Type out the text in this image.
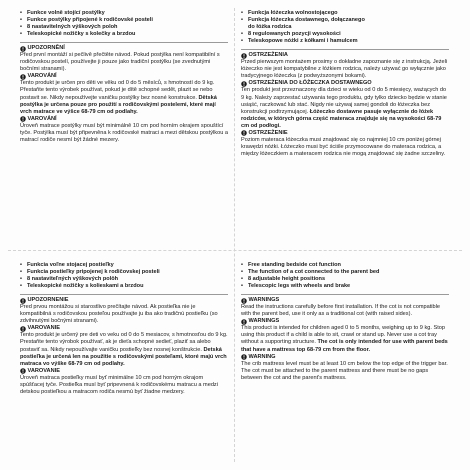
• Funkce volně stojící postýlky
• Funkce postýlky připojené k rodičovské posteli
• 8 nastavitelných výškových poloh
• Teleskopické nožičky s kolečky a brzdou
UPOZORNĚNÍ

Před první montáží si pečlivě přečtěte návod. Pokud postýlka není kompatibilní s rodičovskou postelí, používejte ji pouze jako tradiční postýlku (se zvednutými bočními stranami).

VAROVÁNÍ

Tento produkt je určen pro děti ve věku od 0 do 5 měsíců, s hmotností do 9 kg. Přestaňte tento výrobek používat, pokud je dítě schopné sedět, plazit se nebo postavit se. Nikdy nepoužívejte vaničku postýlky bez nosné konstrukce. Dětská postýlka je určena pouze pro použití s rodičovskými postelemi, které mají vrch matrace ve výšce 68-79 cm od podlahy.

VAROVÁNÍ

Úroveň matrace postýlky musí být minimálně 10 cm pod horním okrajem spouštící tyče. Postýlka musí být připevněna k rodičovské matraci a mezi dětskou postýlkou a matrací rodiče nesmí být žádné mezery.

• Funkcja łóżeczka wolnostojącego
• Funkcja łóżeczka dostawnego, dołączanego
do łóżka rodzica
• 8 regulowanych pozycji wysokości
• Teleskopowe nóżki z kółkami i hamulcem
OSTRZEŻENIA

Przed pierwszym montażem prosimy o dokładne zapoznanie się z instrukcją. Jeżeli łóżeczko nie jest kompatybilne z łóżkiem rodzica, należy używać go wyłącznie jako tradycyjnego łóżeczka (z podwyższonymi bokami).

OSTRZEŻENIA DO ŁÓŻECZKA DOSTAWNEGO

Ten produkt jest przeznaczony dla dzieci w wieku od 0 do 5 miesięcy, ważących do 9 kg. Należy zaprzestać używania tego produktu, gdy tylko dziecko będzie w stanie usiąść, raczkować lub stać. Nigdy nie używaj samej gondoli do łóżeczka bez konstrukcji podtrzymującej. Łóżeczko dostawne pasuje wyłącznie do łóżek rodziców, w których górna część materaca znajduje się na wysokości 68-79 cm od podłogi.

OSTRZEŻENIE

Poziom materaca łóżeczka musi znajdować się co najmniej 10 cm poniżej górnej krawędzi nóżki. Łóżeczko musi być ściśle przymocowane do materaca rodzica, a między łóżeczkiem a materacem rodzica nie mogą znajdować się żadne szczeliny.

• Funkcia voľne stojacej postieľky
• Funkcia postieľky pripojenej k rodičovskej posteli
• 8 nastaviteľných výškových polôh
• Teleskopické nožičky s kolieskami a brzdou
UPOZORNENIE

Pred prvou montážou si starostlivo prečítajte návod. Ak postieľka nie je kompatibilná s rodičovskou posteľou používajte ju iba ako tradičnú postieľku (so zdvihnutými bočnými stranami).

VAROVANIE

Tento produkt je určený pre deti vo veku od 0 do 5 mesiacov, s hmotnosťou do 9 kg. Prestaňte tento výrobok používať, ak je dieťa schopné sedieť, plaziť sa alebo postaviť sa. Nikdy nepoužívajte vaničku postieľky bez nosnej konštrukcie. Detská postieľka je určená len na použitie s rodičovskými posteľami, ktoré majú vrch matraca vo výške 68-79 cm od podlahy.

VAROVANIE

Úroveň matraca postieľky musí byť minimálne 10 cm pod horným okrajom spúšťacej tyče. Postieľka musí byť pripevnená k rodičovskému matracu a medzi detskou postieľkou a matracom rodiča nesmú byť žiadne medzery.

• Free standing bedside cot function
• The function of a cot connected to the parent bed
• 8 adjustable height positions
• Telescopic legs with wheels and brake
WARNINGS

Read the instructions carefully before first installation. If the cot is not compatible with the parent bed, use it only as a traditional cot (with raised sides).

WARNINGS

This product is intended for children aged 0 to 5 months, weighing up to 9 kg. Stop using this product if a child is able to sit, crawl or stand up. Never use a cot tray without a supporting structure. The cot is only intended for use with parent beds that have a mattress top 68-79 cm from the floor.

WARNING

The crib mattress level must be at least 10 cm below the top edge of the trigger bar. The cot must be attached to the parent mattress and there must be no gaps between the cot and the parent's mattress.
